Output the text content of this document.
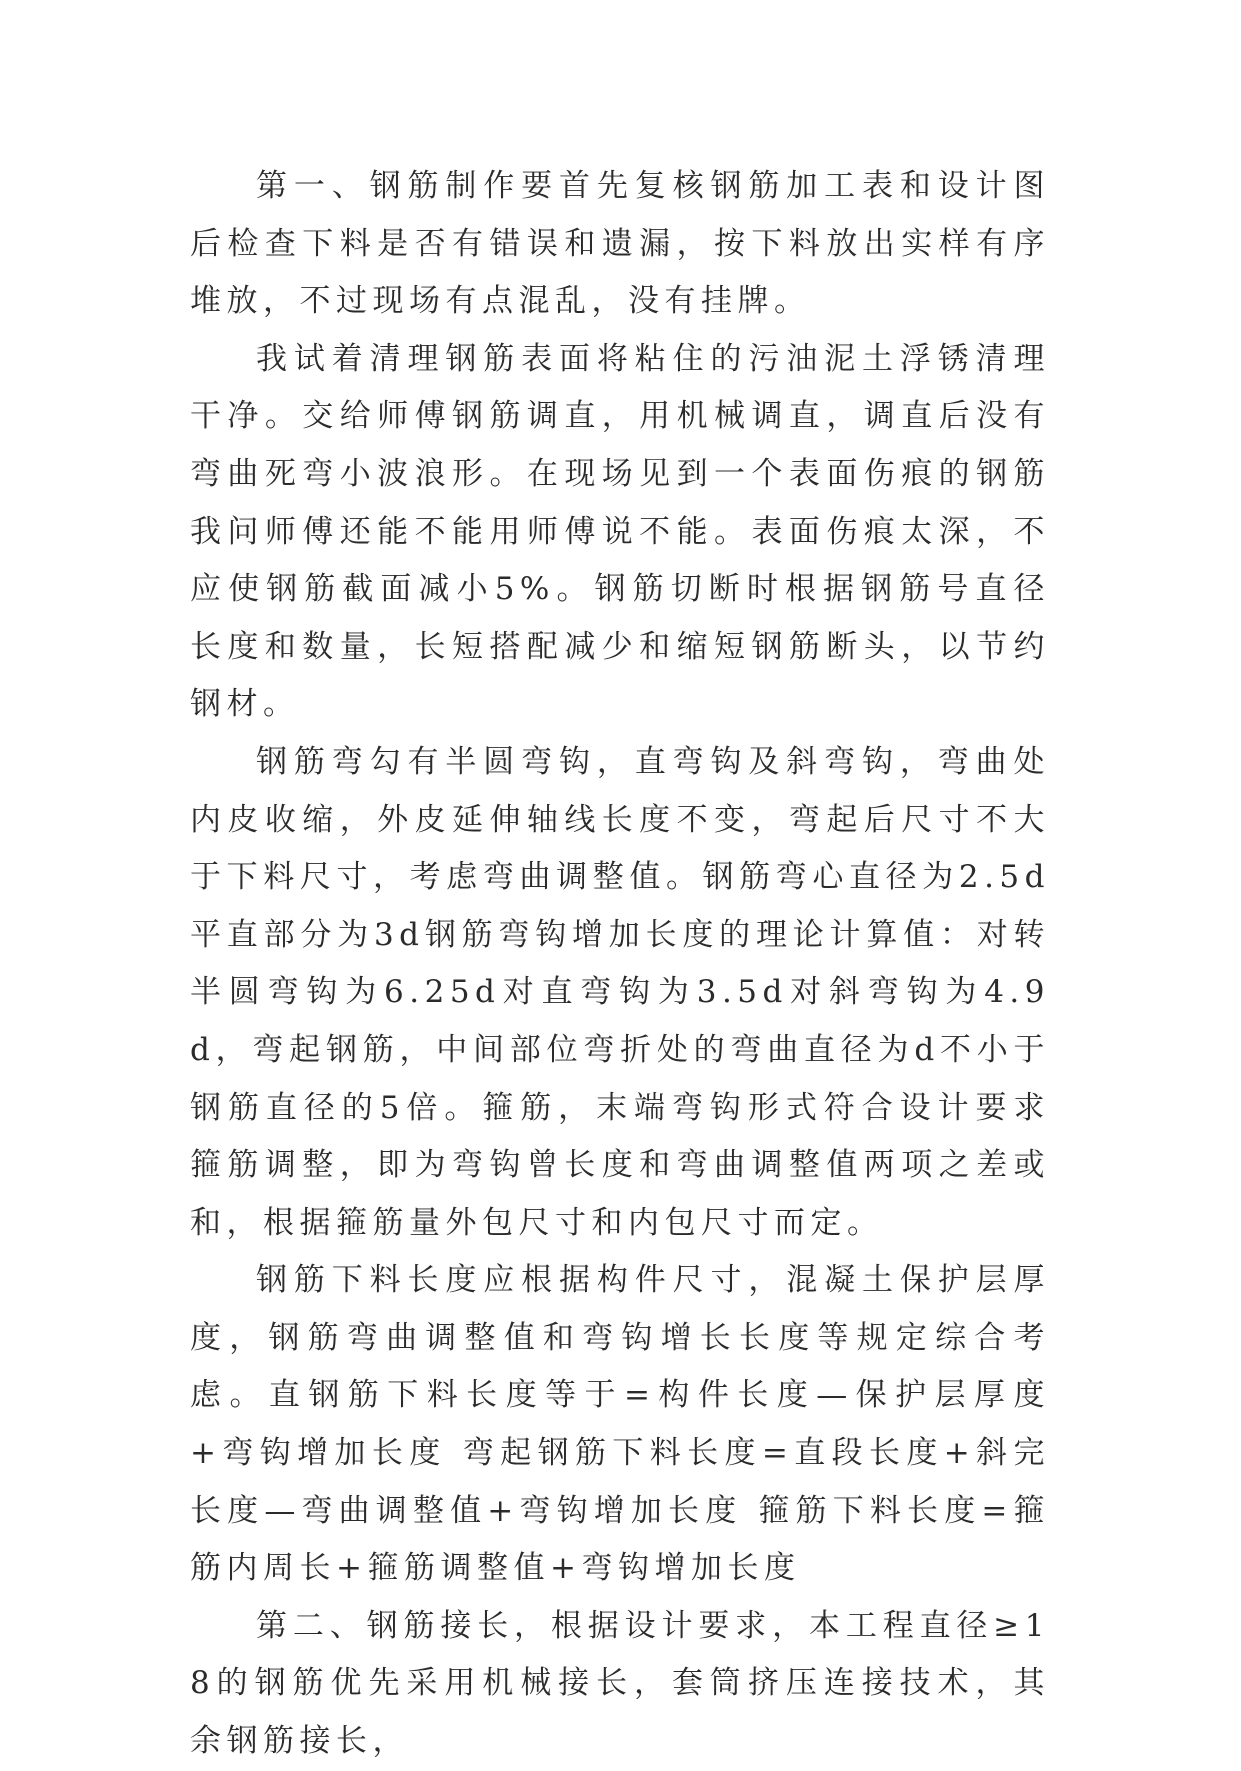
第一、钢筋制作要首先复核钢筋加工表和设计图后检查下料是否有错误和遗漏，按下料放出实样有序堆放，不过现场有点混乱，没有挂牌。

我试着清理钢筋表面将粘住的污油泥土浮锈清理干净。交给师傅钢筋调直，用机械调直，调直后没有弯曲死弯小波浪形。在现场见到一个表面伤痕的钢筋我问师傅还能不能用师傅说不能。表面伤痕太深，不应使钢筋截面减小5%。钢筋切断时根据钢筋号直径长度和数量，长短搭配减少和缩短钢筋断头，以节约钢材。

钢筋弯勾有半圆弯钩，直弯钩及斜弯钩，弯曲处内皮收缩，外皮延伸轴线长度不变，弯起后尺寸不大于下料尺寸，考虑弯曲调整值。钢筋弯心直径为2.5d平直部分为3d钢筋弯钩增加长度的理论计算值：对转半圆弯钩为6.25d对直弯钩为3.5d对斜弯钩为4.9d，弯起钢筋，中间部位弯折处的弯曲直径为d不小于钢筋直径的5倍。箍筋，末端弯钩形式符合设计要求箍筋调整，即为弯钩曾长度和弯曲调整值两项之差或和，根据箍筋量外包尺寸和内包尺寸而定。

钢筋下料长度应根据构件尺寸，混凝土保护层厚度，钢筋弯曲调整值和弯钩增长长度等规定综合考虑。直钢筋下料长度等于=构件长度—保护层厚度+弯钩增加长度 弯起钢筋下料长度=直段长度+斜完长度—弯曲调整值+弯钩增加长度 箍筋下料长度=箍筋内周长+箍筋调整值+弯钩增加长度

第二、钢筋接长，根据设计要求，本工程直径≥18的钢筋优先采用机械接长，套筒挤压连接技术，其余钢筋接长，
